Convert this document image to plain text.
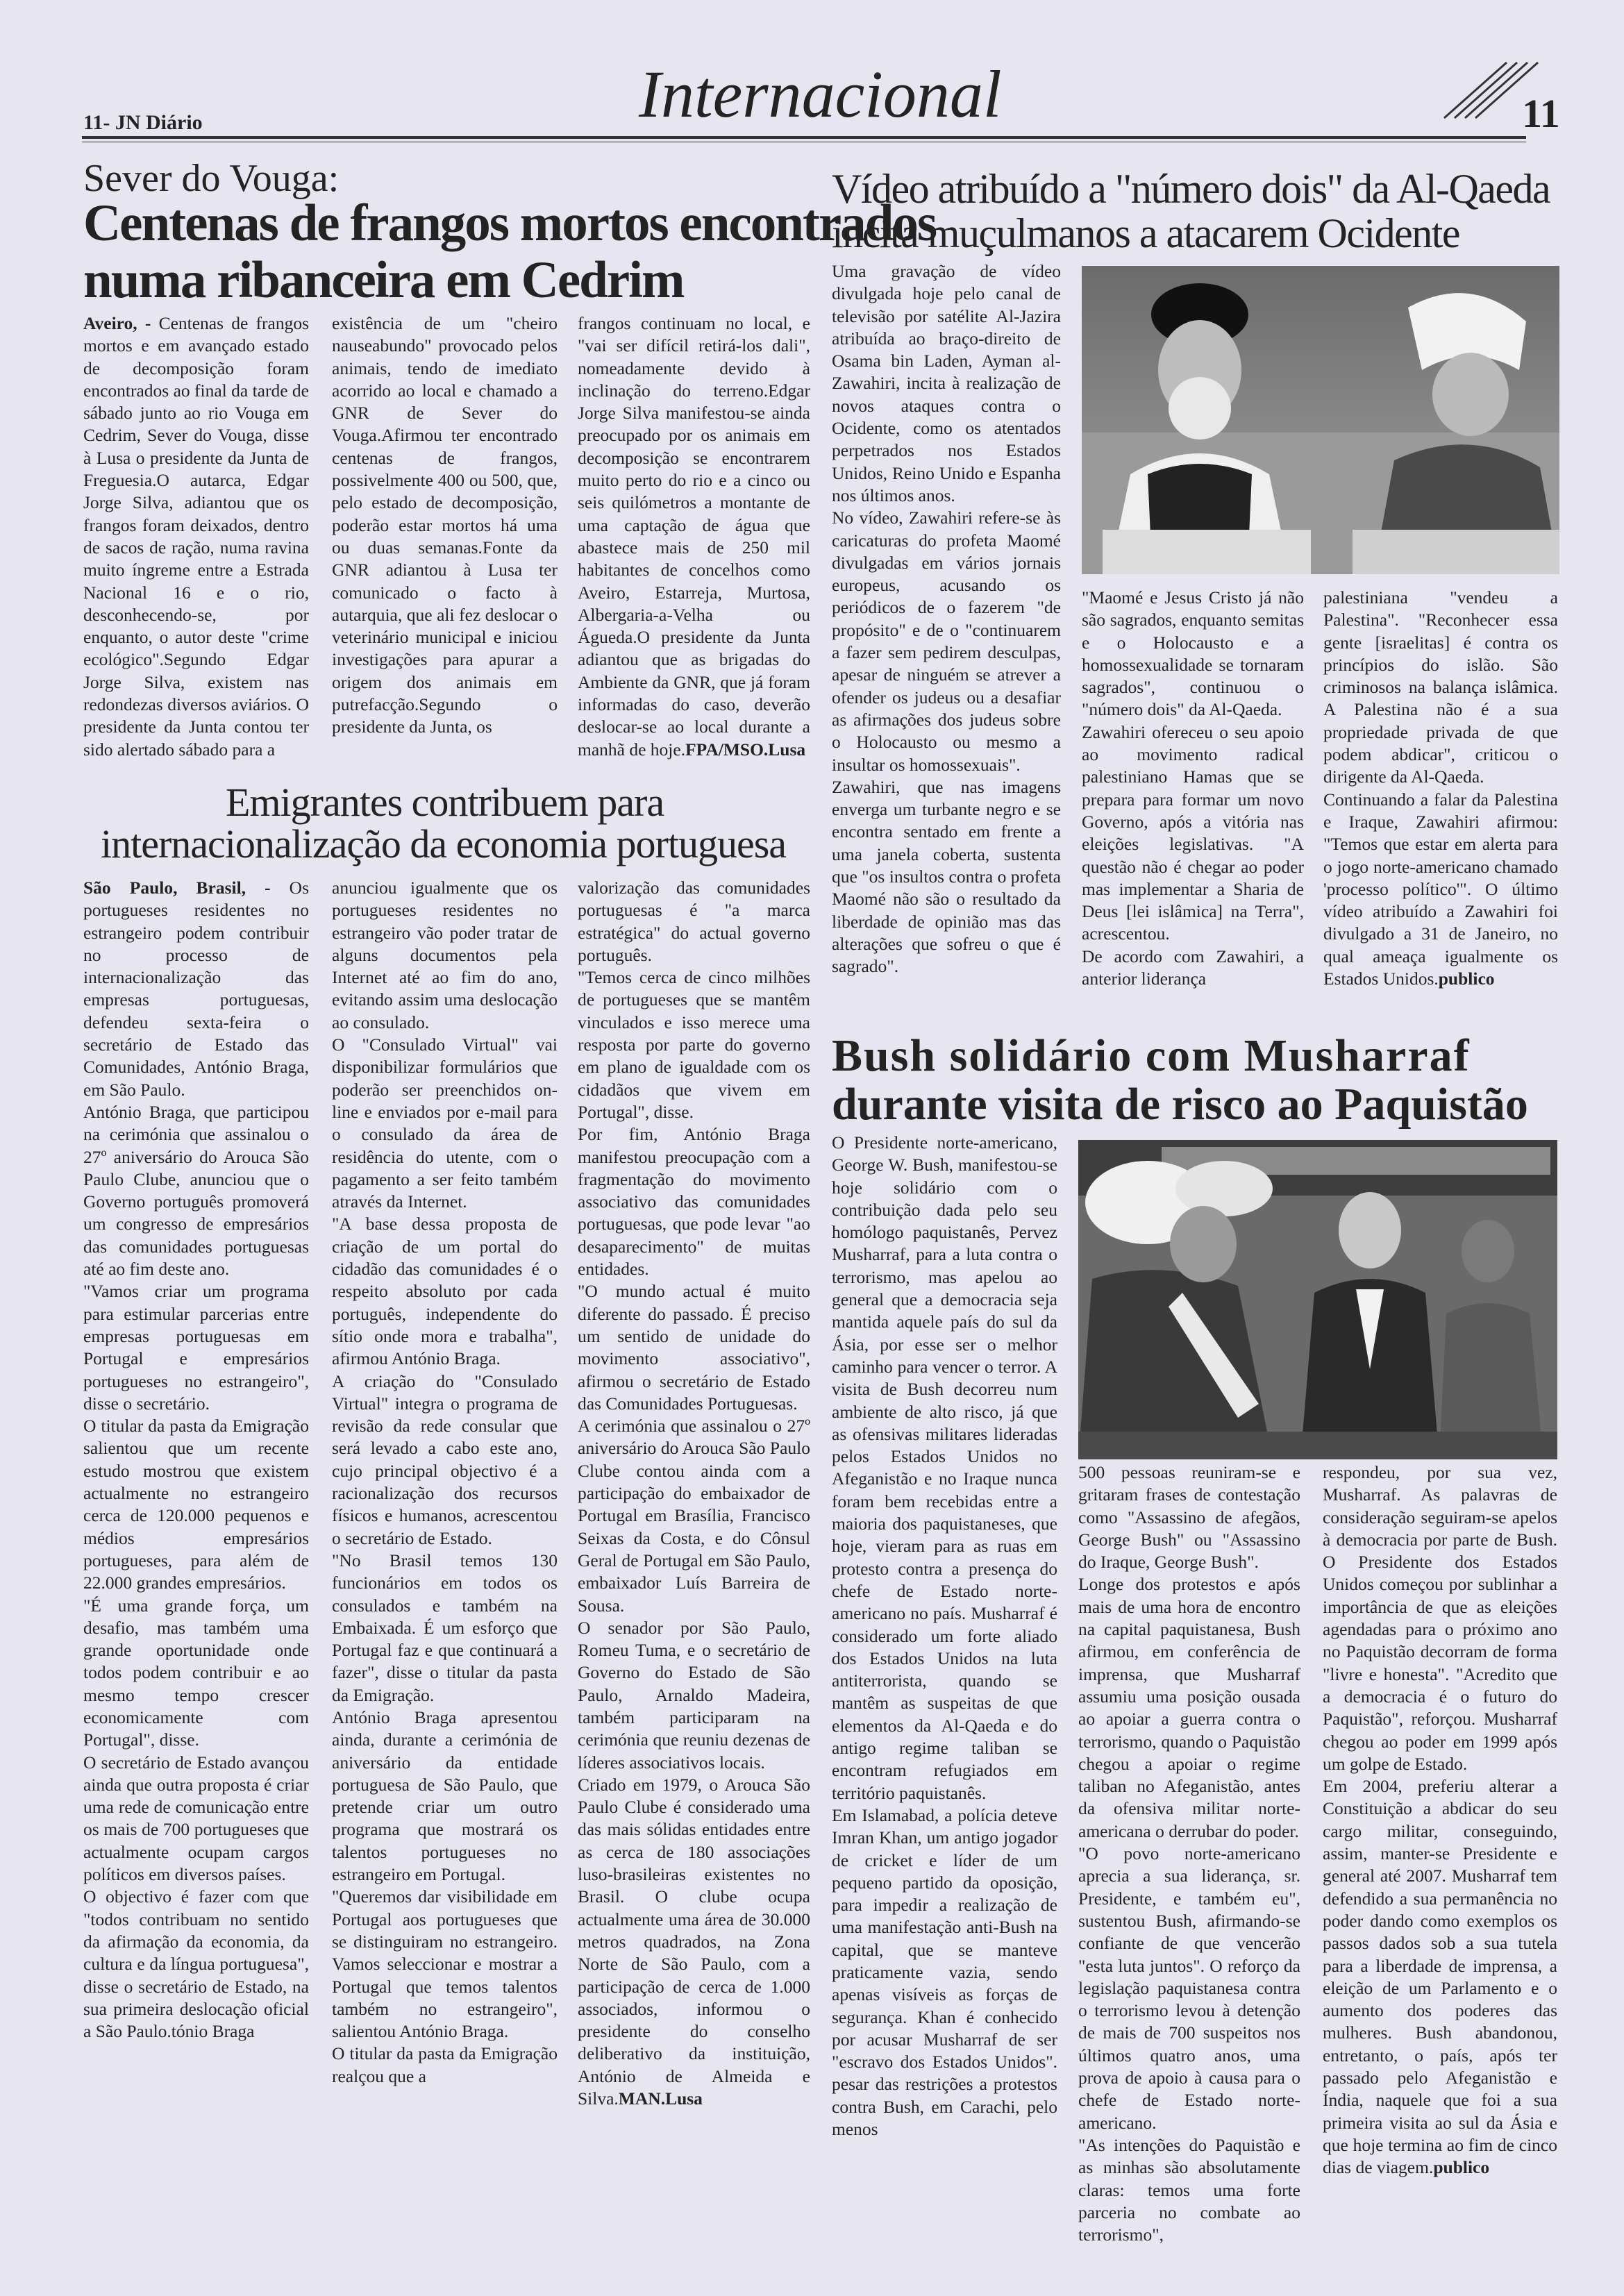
11- JN Diário	Internacional	11
Sever do Vouga:
Centenas de frangos mortos encontrados
numa ribanceira em Cedrim
Aveiro, - Centenas de frangos mortos e em avançado estado de decomposição foram encontrados ao final da tarde de sábado junto ao rio Vouga em Cedrim, Sever do Vouga, disse à Lusa o presidente da Junta de Freguesia.O autarca, Edgar Jorge Silva, adiantou que os frangos foram deixados, dentro de sacos de ração, numa ravina muito íngreme entre a Estrada Nacional 16 e o rio, desconhecendo-se, por enquanto, o autor deste "crime ecológico".Segundo Edgar Jorge Silva, existem nas redondezas diversos aviários. O presidente da Junta contou ter sido alertado sábado para a
existência de um "cheiro nauseabundo" provocado pelos animais, tendo de imediato acorrido ao local e chamado a GNR de Sever do Vouga.Afirmou ter encontrado centenas de frangos, possivelmente 400 ou 500, que, pelo estado de decomposição, poderão estar mortos há uma ou duas semanas.Fonte da GNR adiantou à Lusa ter comunicado o facto à autarquia, que ali fez deslocar o veterinário municipal e iniciou investigações para apurar a origem dos animais em putrefacção.Segundo o presidente da Junta, os
frangos continuam no local, e "vai ser difícil retirá-los dali", nomeadamente devido à inclinação do terreno.Edgar Jorge Silva manifestou-se ainda preocupado por os animais em decomposição se encontrarem muito perto do rio e a cinco ou seis quilómetros a montante de uma captação de água que abastece mais de 250 mil habitantes de concelhos como Aveiro, Estarreja, Murtosa, Albergaria-a-Velha ou Águeda.O presidente da Junta adiantou que as brigadas do Ambiente da GNR, que já foram informadas do caso, deverão deslocar-se ao local durante a manhã de hoje.FPA/MSO.Lusa
Emigrantes contribuem para
internacionalização da economia portuguesa

São Paulo, Brasil, - Os portugueses residentes no estrangeiro podem contribuir no processo de internacionalização das empresas portuguesas, defendeu sexta-feira o secretário de Estado das Comunidades, António Braga, em São Paulo.

António Braga, que participou na cerimónia que assinalou o 27º aniversário do Arouca São Paulo Clube, anunciou que o Governo português promoverá um congresso de empresários das comunidades portuguesas até ao fim deste ano.

"Vamos criar um programa para estimular parcerias entre empresas portuguesas em Portugal e empresários portugueses no estrangeiro", disse o secretário.

O titular da pasta da Emigração salientou que um recente estudo mostrou que existem actualmente no estrangeiro cerca de 120.000 pequenos e médios empresários portugueses, para além de 22.000 grandes empresários.

"É uma grande força, um desafio, mas também uma grande oportunidade onde todos podem contribuir e ao mesmo tempo crescer economicamente com Portugal", disse.

O secretário de Estado avançou ainda que outra proposta é criar uma rede de comunicação entre os mais de 700 portugueses que actualmente ocupam cargos políticos em diversos países.

O objectivo é fazer com que "todos contribuam no sentido da afirmação da economia, da cultura e da língua portuguesa", disse o secretário de Estado, na sua primeira deslocação oficial a São Paulo.tónio Braga

anunciou igualmente que os portugueses residentes no estrangeiro vão poder tratar de alguns documentos pela Internet até ao fim do ano, evitando assim uma deslocação ao consulado.

O "Consulado Virtual" vai disponibilizar formulários que poderão ser preenchidos on-line e enviados por e-mail para o consulado da área de residência do utente, com o pagamento a ser feito também através da Internet.

"A base dessa proposta de criação de um portal do cidadão das comunidades é o respeito absoluto por cada português, independente do sítio onde mora e trabalha", afirmou António Braga.

A criação do "Consulado Virtual" integra o programa de revisão da rede consular que será levado a cabo este ano, cujo principal objectivo é a racionalização dos recursos físicos e humanos, acrescentou o secretário de Estado.

"No Brasil temos 130 funcionários em todos os consulados e também na Embaixada. É um esforço que Portugal faz e que continuará a fazer", disse o titular da pasta da Emigração.

António Braga apresentou ainda, durante a cerimónia de aniversário da entidade portuguesa de São Paulo, que pretende criar um outro programa que mostrará os talentos portugueses no estrangeiro em Portugal.

"Queremos dar visibilidade em Portugal aos portugueses que se distinguiram no estrangeiro. Vamos seleccionar e mostrar a Portugal que temos talentos também no estrangeiro", salientou António Braga.

O titular da pasta da Emigração realçou que a

valorização das comunidades portuguesas é "a marca estratégica" do actual governo português.

"Temos cerca de cinco milhões de portugueses que se mantêm vinculados e isso merece uma resposta por parte do governo em plano de igualdade com os cidadãos que vivem em Portugal", disse.

Por fim, António Braga manifestou preocupação com a fragmentação do movimento associativo das comunidades portuguesas, que pode levar "ao desaparecimento" de muitas entidades.

"O mundo actual é muito diferente do passado. É preciso um sentido de unidade do movimento associativo", afirmou o secretário de Estado das Comunidades Portuguesas.

A cerimónia que assinalou o 27º aniversário do Arouca São Paulo Clube contou ainda com a participação do embaixador de Portugal em Brasília, Francisco Seixas da Costa, e do Cônsul Geral de Portugal em São Paulo, embaixador Luís Barreira de Sousa.

O senador por São Paulo, Romeu Tuma, e o secretário de Governo do Estado de São Paulo, Arnaldo Madeira, também participaram na cerimónia que reuniu dezenas de líderes associativos locais.

Criado em 1979, o Arouca São Paulo Clube é considerado uma das mais sólidas entidades entre as cerca de 180 associações luso-brasileiras existentes no Brasil. O clube ocupa actualmente uma área de 30.000 metros quadrados, na Zona Norte de São Paulo, com a participação de cerca de 1.000 associados, informou o presidente do conselho deliberativo da instituição, António de Almeida e Silva.MAN.Lusa

Vídeo atribuído a "número dois" da Al-Qaeda
incita muçulmanos a atacarem Ocidente

Uma gravação de vídeo divulgada hoje pelo canal de televisão por satélite Al-Jazira atribuída ao braço-direito de Osama bin Laden, Ayman al-Zawahiri, incita à realização de novos ataques contra o Ocidente, como os atentados perpetrados nos Estados Unidos, Reino Unido e Espanha nos últimos anos.

No vídeo, Zawahiri refere-se às caricaturas do profeta Maomé divulgadas em vários jornais europeus, acusando os periódicos de o fazerem "de propósito" e de o "continuarem a fazer sem pedirem desculpas, apesar de ninguém se atrever a ofender os judeus ou a desafiar as afirmações dos judeus sobre o Holocausto ou mesmo a insultar os homossexuais".

Zawahiri, que nas imagens enverga um turbante negro e se encontra sentado em frente a uma janela coberta, sustenta que "os insultos contra o profeta Maomé não são o resultado da liberdade de opinião mas das alterações que sofreu o que é sagrado".

"Maomé e Jesus Cristo já não são sagrados, enquanto semitas e o Holocausto e a homossexualidade se tornaram sagrados", continuou o "número dois" da Al-Qaeda.

Zawahiri ofereceu o seu apoio ao movimento radical palestiniano Hamas que se prepara para formar um novo Governo, após a vitória nas eleições legislativas. "A questão não é chegar ao poder mas implementar a Sharia de Deus [lei islâmica] na Terra", acrescentou.

De acordo com Zawahiri, a anterior liderança

palestiniana "vendeu a Palestina". "Reconhecer essa gente [israelitas] é contra os princípios do islão. São criminosos na balança islâmica. A Palestina não é a sua propriedade privada de que podem abdicar", criticou o dirigente da Al-Qaeda.

Continuando a falar da Palestina e Iraque, Zawahiri afirmou: "Temos que estar em alerta para o jogo norte-americano chamado 'processo político'". O último vídeo atribuído a Zawahiri foi divulgado a 31 de Janeiro, no qual ameaça igualmente os Estados Unidos.publico

Bush solidário com Musharraf
durante visita de risco ao Paquistão

O Presidente norte-americano, George W. Bush, manifestou-se hoje solidário com o contribuição dada pelo seu homólogo paquistanês, Pervez Musharraf, para a luta contra o terrorismo, mas apelou ao general que a democracia seja mantida aquele país do sul da Ásia, por esse ser o melhor caminho para vencer o terror. A visita de Bush decorreu num ambiente de alto risco, já que as ofensivas militares lideradas pelos Estados Unidos no Afeganistão e no Iraque nunca foram bem recebidas entre a maioria dos paquistaneses, que hoje, vieram para as ruas em protesto contra a presença do chefe de Estado norte-americano no país. Musharraf é considerado um forte aliado dos Estados Unidos na luta antiterrorista, quando se mantêm as suspeitas de que elementos da Al-Qaeda e do antigo regime taliban se encontram refugiados em território paquistanês.

Em Islamabad, a polícia deteve Imran Khan, um antigo jogador de cricket e líder de um pequeno partido da oposição, para impedir a realização de uma manifestação anti-Bush na capital, que se manteve praticamente vazia, sendo apenas visíveis as forças de segurança. Khan é conhecido por acusar Musharraf de ser "escravo dos Estados Unidos". pesar das restrições a protestos contra Bush, em Carachi, pelo menos

500 pessoas reuniram-se e gritaram frases de contestação como "Assassino de afegãos, George Bush" ou "Assassino do Iraque, George Bush".

Longe dos protestos e após mais de uma hora de encontro na capital paquistanesa, Bush afirmou, em conferência de imprensa, que Musharraf assumiu uma posição ousada ao apoiar a guerra contra o terrorismo, quando o Paquistão chegou a apoiar o regime taliban no Afeganistão, antes da ofensiva militar norte-americana o derrubar do poder.

"O povo norte-americano aprecia a sua liderança, sr. Presidente, e também eu", sustentou Bush, afirmando-se confiante de que vencerão "esta luta juntos". O reforço da legislação paquistanesa contra o terrorismo levou à detenção de mais de 700 suspeitos nos últimos quatro anos, uma prova de apoio à causa para o chefe de Estado norte-americano.

"As intenções do Paquistão e as minhas são absolutamente claras: temos uma forte parceria no combate ao terrorismo",

respondeu, por sua vez, Musharraf. As palavras de consideração seguiram-se apelos à democracia por parte de Bush. O Presidente dos Estados Unidos começou por sublinhar a importância de que as eleições agendadas para o próximo ano no Paquistão decorram de forma "livre e honesta". "Acredito que a democracia é o futuro do Paquistão", reforçou. Musharraf chegou ao poder em 1999 após um golpe de Estado.

Em 2004, preferiu alterar a Constituição a abdicar do seu cargo militar, conseguindo, assim, manter-se Presidente e general até 2007. Musharraf tem defendido a sua permanência no poder dando como exemplos os passos dados sob a sua tutela para a liberdade de imprensa, a eleição de um Parlamento e o aumento dos poderes das mulheres. Bush abandonou, entretanto, o país, após ter passado pelo Afeganistão e Índia, naquele que foi a sua primeira visita ao sul da Ásia e que hoje termina ao fim de cinco dias de viagem.publico
